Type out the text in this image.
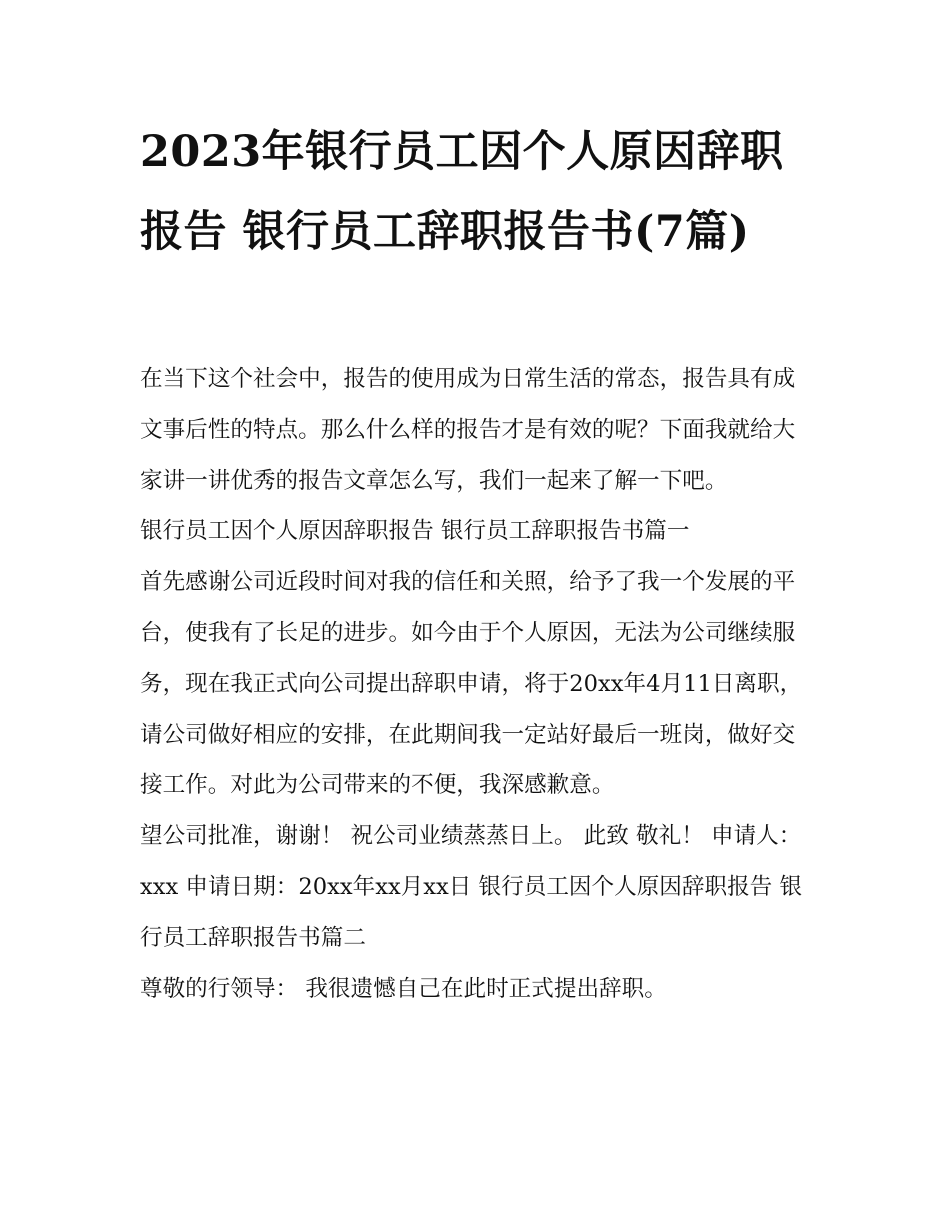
2023年银行员工因个人原因辞职报告 银行员工辞职报告书(7篇)

在当下这个社会中，报告的使用成为日常生活的常态，报告具有成文事后性的特点。那么什么样的报告才是有效的呢？下面我就给大家讲一讲优秀的报告文章怎么写，我们一起来了解一下吧。

银行员工因个人原因辞职报告 银行员工辞职报告书篇一

首先感谢公司近段时间对我的信任和关照，给予了我一个发展的平台，使我有了长足的进步。如今由于个人原因，无法为公司继续服务，现在我正式向公司提出辞职申请，将于20xx年4月11日离职，请公司做好相应的安排，在此期间我一定站好最后一班岗，做好交接工作。对此为公司带来的不便，我深感歉意。

望公司批准，谢谢！ 祝公司业绩蒸蒸日上。 此致 敬礼！ 申请人：xxx 申请日期：20xx年xx月xx日 银行员工因个人原因辞职报告 银行员工辞职报告书篇二

尊敬的行领导： 我很遗憾自己在此时正式提出辞职。
